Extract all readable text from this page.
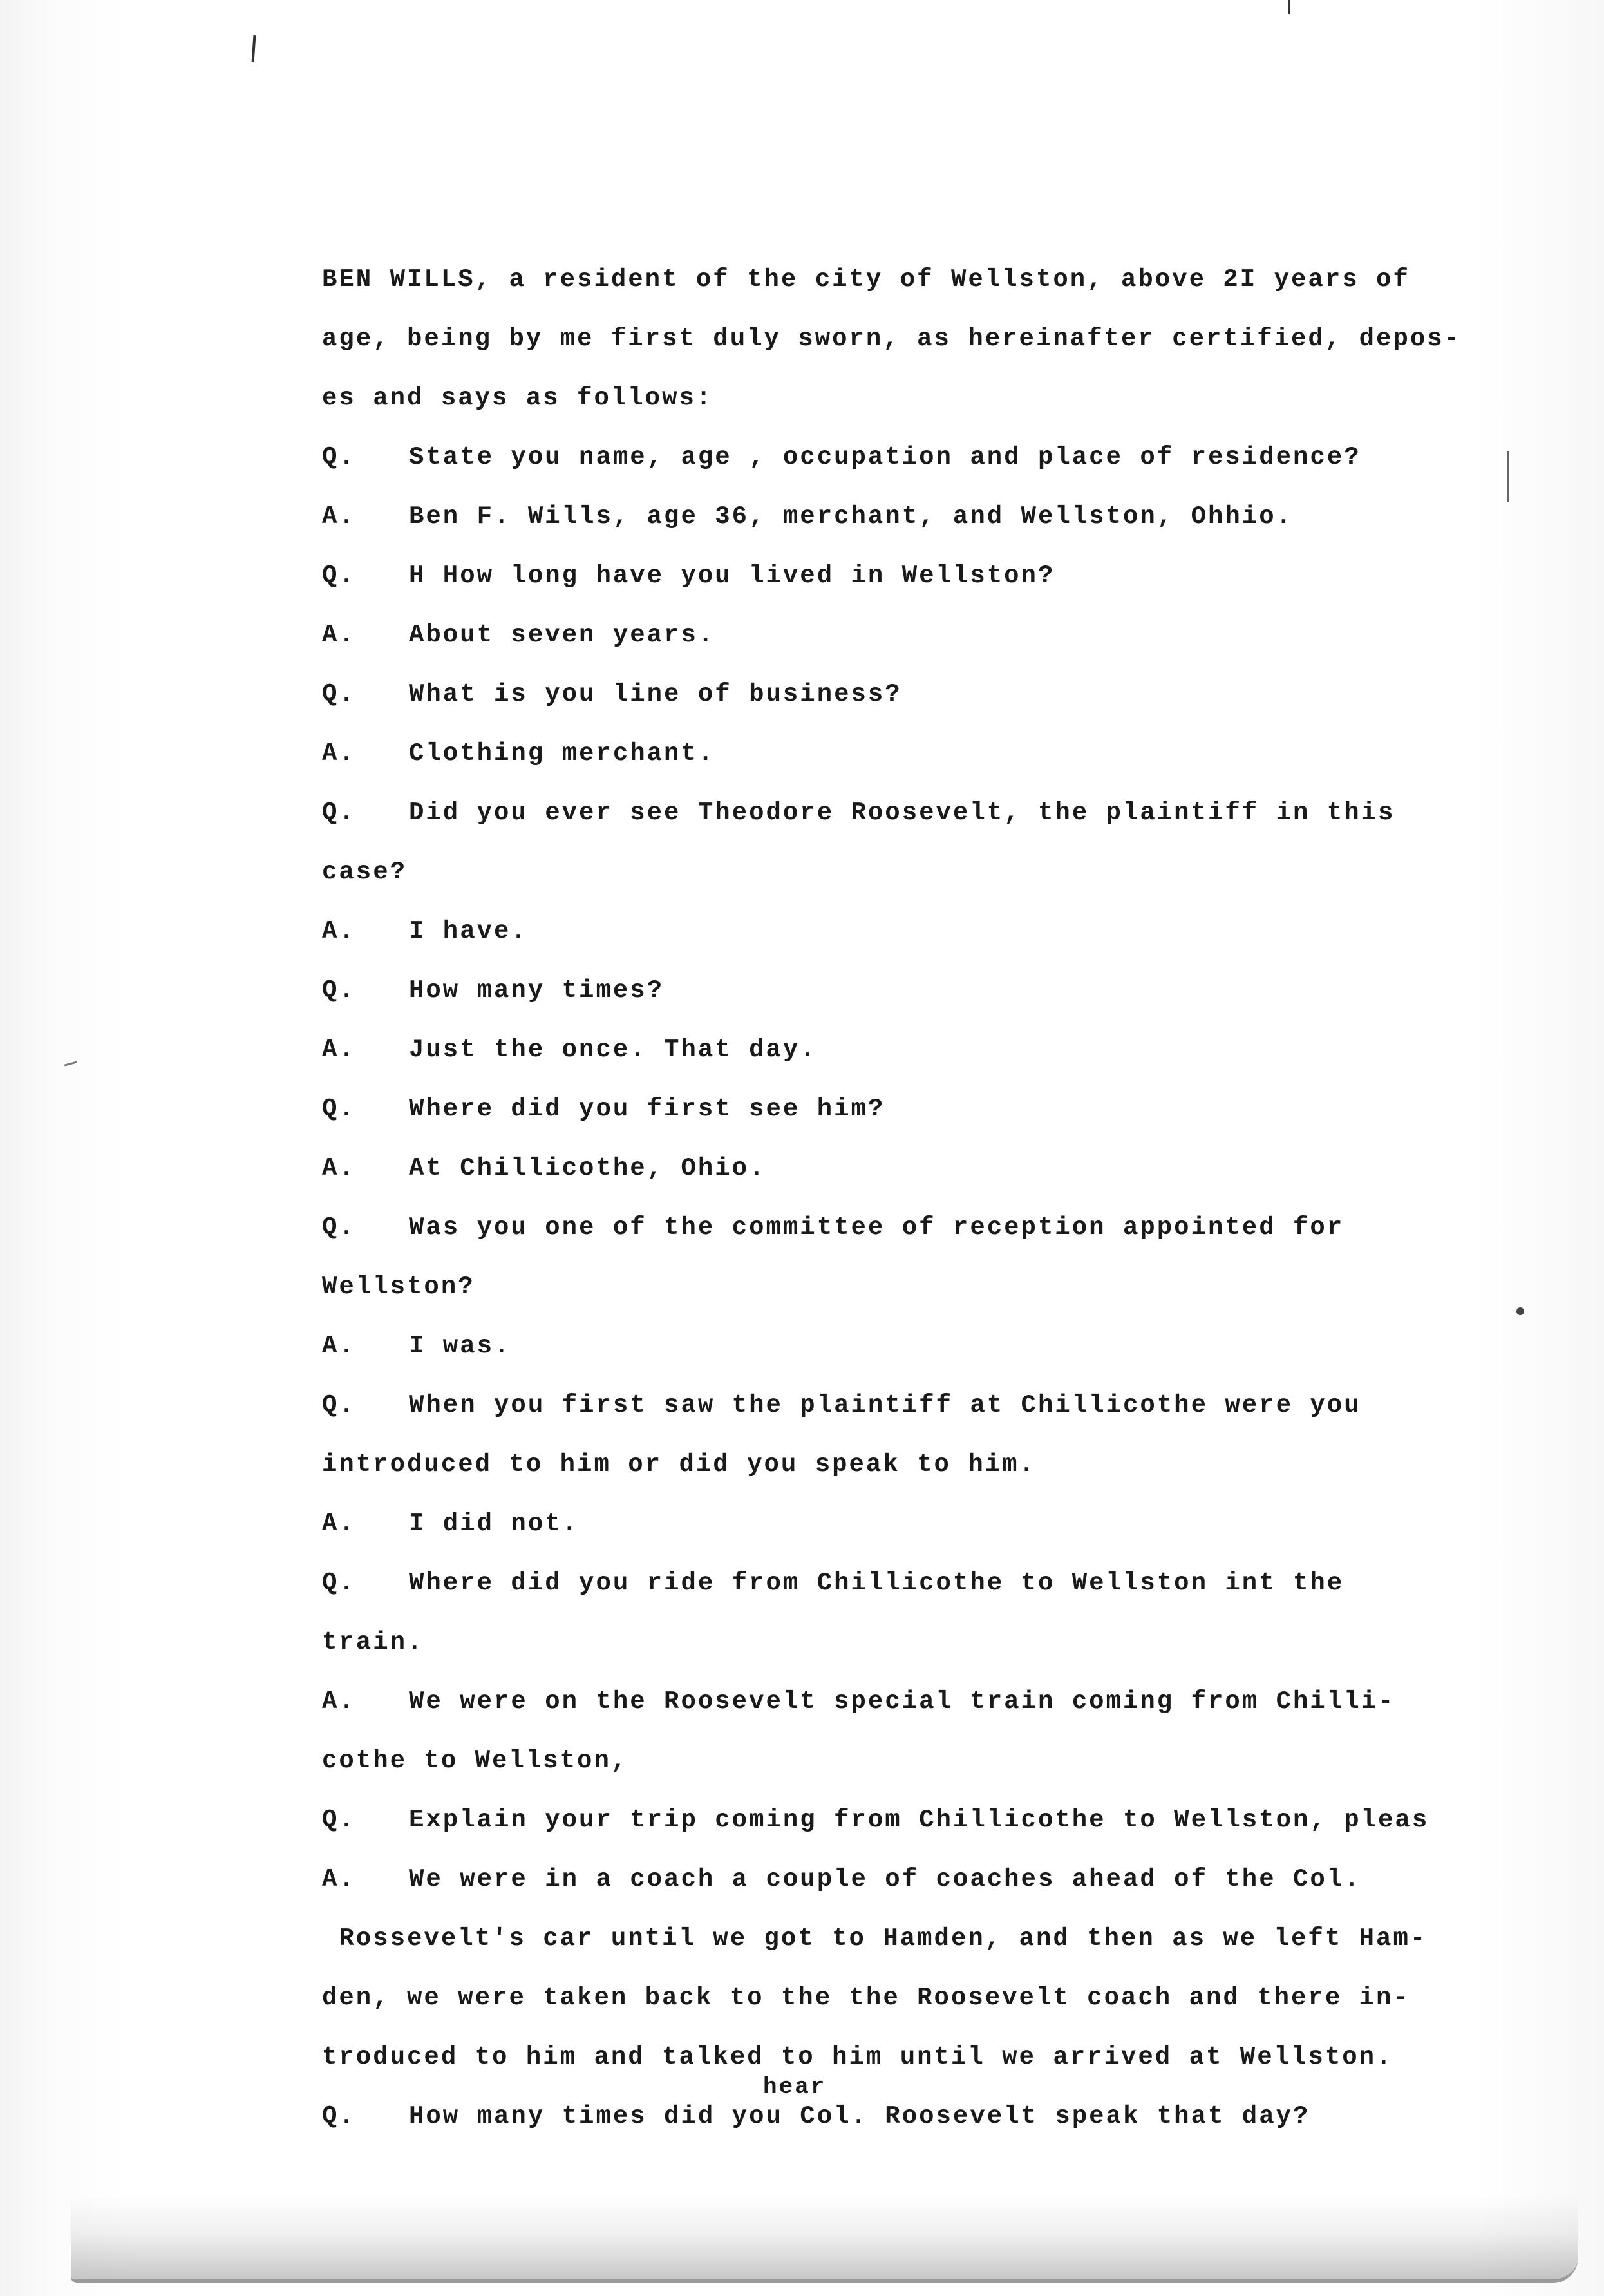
BEN WILLS, a resident of the city of Wellston, above 2I years of
age, being by me first duly sworn, as hereinafter certified, depos-
es and says as follows:
Q. State you name, age , occupation and place of residence?
A. Ben F. Wills, age 36, merchant, and Wellston, Ohhio.
Q. H How long have you lived in Wellston?
A. About seven years.
Q. What is you line of business?
A. Clothing merchant.
Q. Did you ever see Theodore Roosevelt, the plaintiff in this
case?
A. I have.
Q. How many times?
A. Just the once. That day.
Q. Where did you first see him?
A. At Chillicothe, Ohio.
Q. Was you one of the committee of reception appointed for
Wellston?
A. I was.
Q. When you first saw the plaintiff at Chillicothe were you
introduced to him or did you speak to him.
A. I did not.
Q. Where did you ride from Chillicothe to Wellston int the
train.
A. We were on the Roosevelt special train coming from Chilli-
cothe to Wellston,
Q. Explain your trip coming from Chillicothe to Wellston, pleas
A. We were in a coach a couple of coaches ahead of the Col.
Rossevelt's car until we got to Hamden, and then as we left Ham-
den, we were taken back to the the Roosevelt coach and there in-
troduced to him and talked to him until we arrived at Wellston.
hear
Q. How many times did you Col. Roosevelt speak that day?
